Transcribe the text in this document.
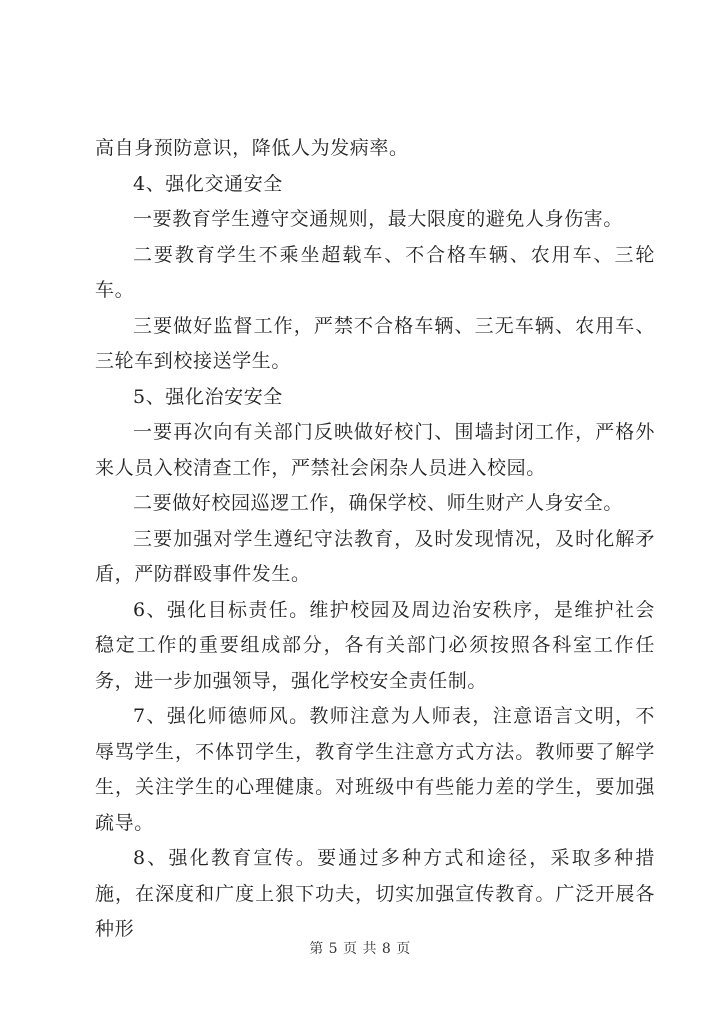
高自身预防意识，降低人为发病率。

4、强化交通安全

一要教育学生遵守交通规则，最大限度的避免人身伤害。

二要教育学生不乘坐超载车、不合格车辆、农用车、三轮车。

三要做好监督工作，严禁不合格车辆、三无车辆、农用车、三轮车到校接送学生。

5、强化治安安全

一要再次向有关部门反映做好校门、围墙封闭工作，严格外来人员入校清查工作，严禁社会闲杂人员进入校园。

二要做好校园巡逻工作，确保学校、师生财产人身安全。

三要加强对学生遵纪守法教育，及时发现情况，及时化解矛盾，严防群殴事件发生。

6、强化目标责任。维护校园及周边治安秩序，是维护社会稳定工作的重要组成部分，各有关部门必须按照各科室工作任务，进一步加强领导，强化学校安全责任制。

7、强化师德师风。教师注意为人师表，注意语言文明，不辱骂学生，不体罚学生，教育学生注意方式方法。教师要了解学生，关注学生的心理健康。对班级中有些能力差的学生，要加强疏导。

8、强化教育宣传。要通过多种方式和途径，采取多种措施，在深度和广度上狠下功夫，切实加强宣传教育。广泛开展各种形

第 5 页 共 8 页
